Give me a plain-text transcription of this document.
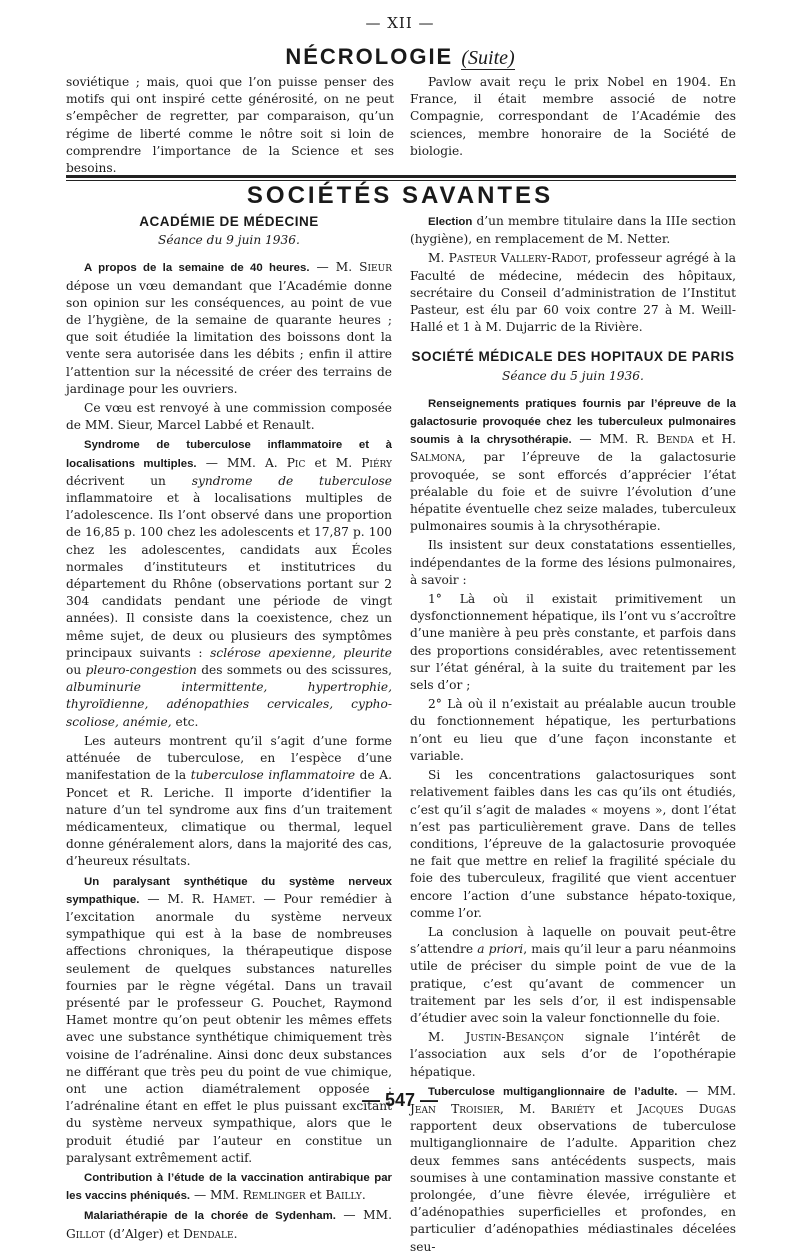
— XII —
NÉCROLOGIE (Suite)

soviétique ; mais, quoi que l’on puisse penser des motifs qui ont inspiré cette générosité, on ne peut s’empêcher de regretter, par comparaison, qu’un régime de liberté comme le nôtre soit si loin de comprendre l’importance de la Science et ses besoins.

Pavlow avait reçu le prix Nobel en 1904. En France, il était membre associé de notre Compagnie, correspondant de l’Académie des sciences, membre honoraire de la Société de biologie.

SOCIÉTÉS SAVANTES

ACADÉMIE DE MÉDECINE

Séance du 9 juin 1936.

A propos de la semaine de 40 heures. — M. Sieur dépose un vœu demandant que l’Académie donne son opinion sur les conséquences, au point de vue de l’hygiène, de la semaine de quarante heures ; que soit étudiée la limitation des boissons dont la vente sera autorisée dans les débits ; enfin il attire l’attention sur la nécessité de créer des terrains de jardinage pour les ouvriers.

Ce vœu est renvoyé à une commission composée de MM. Sieur, Marcel Labbé et Renault.

Syndrome de tuberculose inflammatoire et à localisations multiples. — MM. A. Pic et M. Piéry décrivent un syndrome de tuberculose inflammatoire et à localisations multiples de l’adolescence. Ils l’ont observé dans une proportion de 16,85 p. 100 chez les adolescents et 17,87 p. 100 chez les adolescentes, candidats aux Écoles normales d’instituteurs et institutrices du département du Rhône (observations portant sur 2 304 candidats pendant une période de vingt années). Il consiste dans la coexistence, chez un même sujet, de deux ou plusieurs des symptômes principaux suivants : sclérose apexienne, pleurite ou pleuro-congestion des sommets ou des scissures, albuminurie intermittente, hypertrophie, thyroïdienne, adénopathies cervicales, cypho-scoliose, anémie, etc.

Les auteurs montrent qu’il s’agit d’une forme atténuée de tuberculose, en l’espèce d’une manifestation de la tuberculose inflammatoire de A. Poncet et R. Leriche. Il importe d’identifier la nature d’un tel syndrome aux fins d’un traitement médicamenteux, climatique ou thermal, lequel donne généralement alors, dans la majorité des cas, d’heureux résultats.

Un paralysant synthétique du système nerveux sympathique. — M. R. Hamet. — Pour remédier à l’excitation anormale du système nerveux sympathique qui est à la base de nombreuses affections chroniques, la thérapeutique dispose seulement de quelques substances naturelles fournies par le règne végétal. Dans un travail présenté par le professeur G. Pouchet, Raymond Hamet montre qu’on peut obtenir les mêmes effets avec une substance synthétique chimiquement très voisine de l’adrénaline. Ainsi donc deux substances ne différant que très peu du point de vue chimique, ont une action diamétralement opposée : l’adrénaline étant en effet le plus puissant excitant du système nerveux sympathique, alors que le produit étudié par l’auteur en constitue un paralysant extrêmement actif.

Contribution à l’étude de la vaccination antirabique par les vaccins phéniqués. — MM. Remlinger et Bailly.

Malariathérapie de la chorée de Sydenham. — MM. Gillot (d’Alger) et Dendale.

Election d’un membre titulaire dans la IIIe section (hygiène), en remplacement de M. Netter.

M. Pasteur Vallery-Radot, professeur agrégé à la Faculté de médecine, médecin des hôpitaux, secrétaire du Conseil d’administration de l’Institut Pasteur, est élu par 60 voix contre 27 à M. Weill-Hallé et 1 à M. Dujarric de la Rivière.

SOCIÉTÉ MÉDICALE DES HOPITAUX DE PARIS

Séance du 5 juin 1936.

Renseignements pratiques fournis par l’épreuve de la galactosurie provoquée chez les tuberculeux pulmonaires soumis à la chrysothérapie. — MM. R. Benda et H. Salmona, par l’épreuve de la galactosurie provoquée, se sont efforcés d’apprécier l’état préalable du foie et de suivre l’évolution d’une hépatite éventuelle chez seize malades, tuberculeux pulmonaires soumis à la chrysothérapie.

Ils insistent sur deux constatations essentielles, indépendantes de la forme des lésions pulmonaires, à savoir :

1° Là où il existait primitivement un dysfonctionnement hépatique, ils l’ont vu s’accroître d’une manière à peu près constante, et parfois dans des proportions considérables, avec retentissement sur l’état général, à la suite du traitement par les sels d’or ;

2° Là où il n’existait au préalable aucun trouble du fonctionnement hépatique, les perturbations n’ont eu lieu que d’une façon inconstante et variable.

Si les concentrations galactosuriques sont relativement faibles dans les cas qu’ils ont étudiés, c’est qu’il s’agit de malades « moyens », dont l’état n’est pas particulièrement grave. Dans de telles conditions, l’épreuve de la galactosurie provoquée ne fait que mettre en relief la fragilité spéciale du foie des tuberculeux, fragilité que vient accentuer encore l’action d’une substance hépato-toxique, comme l’or.

La conclusion à laquelle on pouvait peut-être s’attendre a priori, mais qu’il leur a paru néanmoins utile de préciser du simple point de vue de la pratique, c’est qu’avant de commencer un traitement par les sels d’or, il est indispensable d’étudier avec soin la valeur fonctionnelle du foie.

M. Justin-Besançon signale l’intérêt de l’association aux sels d’or de l’opothérapie hépatique.

Tuberculose multiganglionnaire de l’adulte. — MM. Jean Troisier, M. Bariéty et Jacques Dugas rapportent deux observations de tuberculose multiganglionnaire de l’adulte. Apparition chez deux femmes sans antécédents suspects, mais soumises à une contamination massive constante et prolongée, d’une fièvre élevée, irrégulière et d’adénopathies superficielles et profondes, en particulier d’adénopathies médiastinales décelées seu-

— 547 —
